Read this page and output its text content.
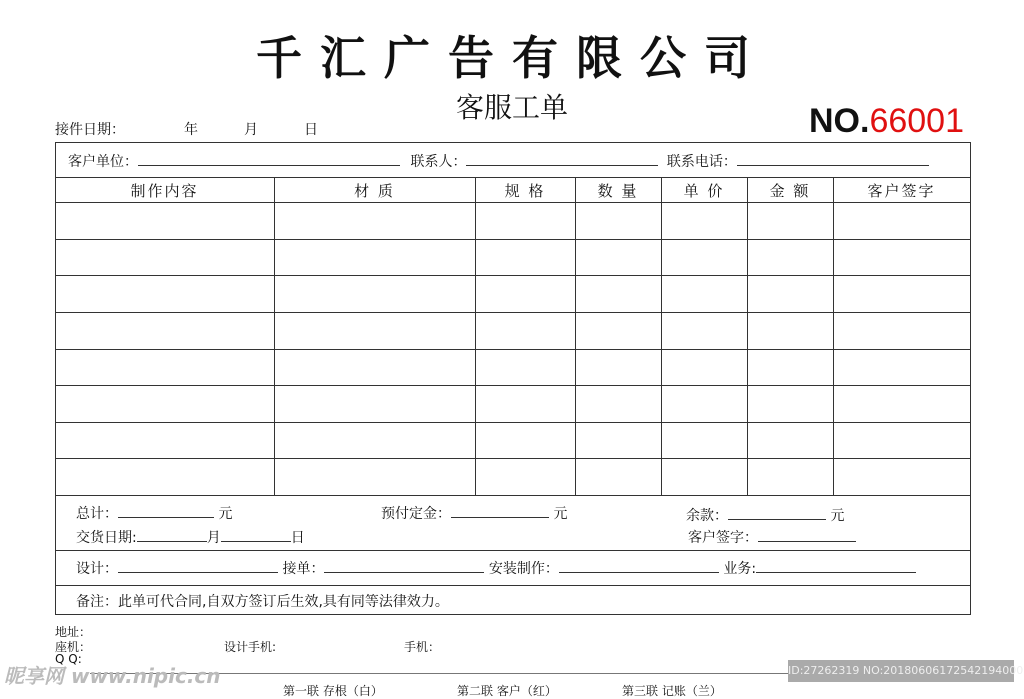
千汇广告有限公司
客服工单	NO.66001
接件日期：	年	月	日
客户单位：	联系人：	联系电话：
制作内容	材 质	规 格	数 量	单 价	金 额	客户签字
总计：	元	预付定金：	元	余款：	元
交货日期:	月	日	客户签字：
设计：	接单：	安装制作：	业务:
备注：此单可代合同,自双方签订后生效,具有同等法律效力。
地址：
座机：	设计手机:	手机：
Q Q:
第一联 存根（白）	第二联 客户（红）	第三联 记账（兰）
昵享网 www.nipic.cn	ID:27262319 NO:20180606172542194000
